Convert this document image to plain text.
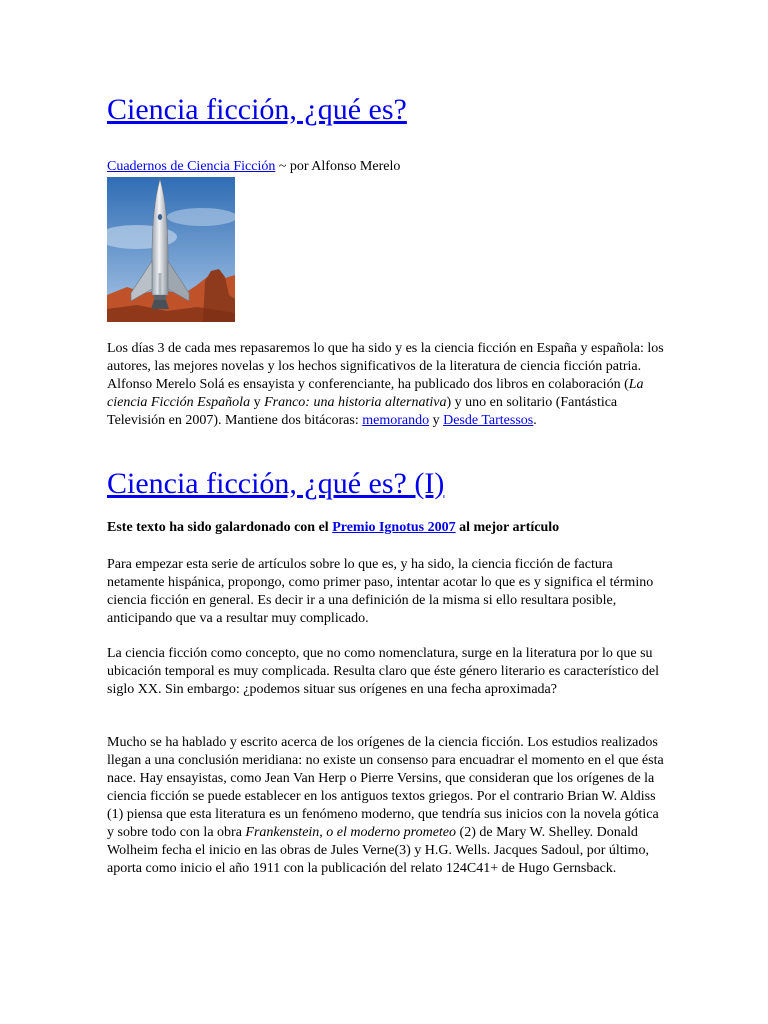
Ciencia ficción, ¿qué es?
Cuadernos de Ciencia Ficción ~ por Alfonso Merelo

Los días 3 de cada mes repasaremos lo que ha sido y es la ciencia ficción en España y española: los autores, las mejores novelas y los hechos significativos de la literatura de ciencia ficción patria. Alfonso Merelo Solá es ensayista y conferenciante, ha publicado dos libros en colaboración (La ciencia Ficción Española y Franco: una historia alternativa) y uno en solitario (Fantástica Televisión en 2007). Mantiene dos bitácoras: memorando y Desde Tartessos.

Ciencia ficción, ¿qué es? (I)
Este texto ha sido galardonado con el Premio Ignotus 2007 al mejor artículo

Para empezar esta serie de artículos sobre lo que es, y ha sido, la ciencia ficción de factura netamente hispánica, propongo, como primer paso, intentar acotar lo que es y significa el término ciencia ficción en general. Es decir ir a una definición de la misma si ello resultara posible, anticipando que va a resultar muy complicado.

La ciencia ficción como concepto, que no como nomenclatura, surge en la literatura por lo que su ubicación temporal es muy complicada. Resulta claro que éste género literario es característico del siglo XX. Sin embargo: ¿podemos situar sus orígenes en una fecha aproximada?

Mucho se ha hablado y escrito acerca de los orígenes de la ciencia ficción. Los estudios realizados llegan a una conclusión meridiana: no existe un consenso para encuadrar el momento en el que ésta nace. Hay ensayistas, como Jean Van Herp o Pierre Versins, que consideran que los orígenes de la ciencia ficción se puede establecer en los antiguos textos griegos. Por el contrario Brian W. Aldiss (1) piensa que esta literatura es un fenómeno moderno, que tendría sus inicios con la novela gótica y sobre todo con la obra Frankenstein, o el moderno prometeo (2) de Mary W. Shelley. Donald Wolheim fecha el inicio en las obras de Jules Verne(3) y H.G. Wells. Jacques Sadoul, por último, aporta como inicio el año 1911 con la publicación del relato 124C41+ de Hugo Gernsback.
